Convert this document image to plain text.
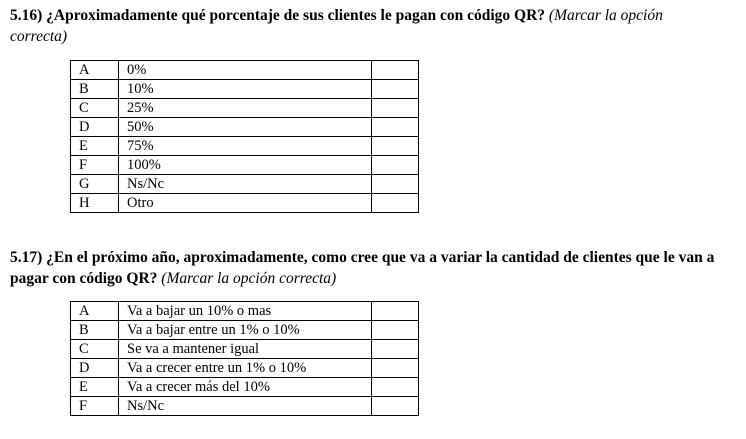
5.16) ¿Aproximadamente qué porcentaje de sus clientes le pagan con código QR? (Marcar la opción correcta)
A	0%	
B	10%	
C	25%	
D	50%	
E	75%	
F	100%	
G	Ns/Nc	
H	Otro	
5.17) ¿En el próximo año, aproximadamente, como cree que va a variar la cantidad de clientes que le van a pagar con código QR? (Marcar la opción correcta)
A	Va a bajar un 10% o mas	
B	Va a bajar entre un 1% o 10%	
C	Se va a mantener igual	
D	Va a crecer entre un 1% o 10%	
E	Va a crecer más del 10%	
F	Ns/Nc	
